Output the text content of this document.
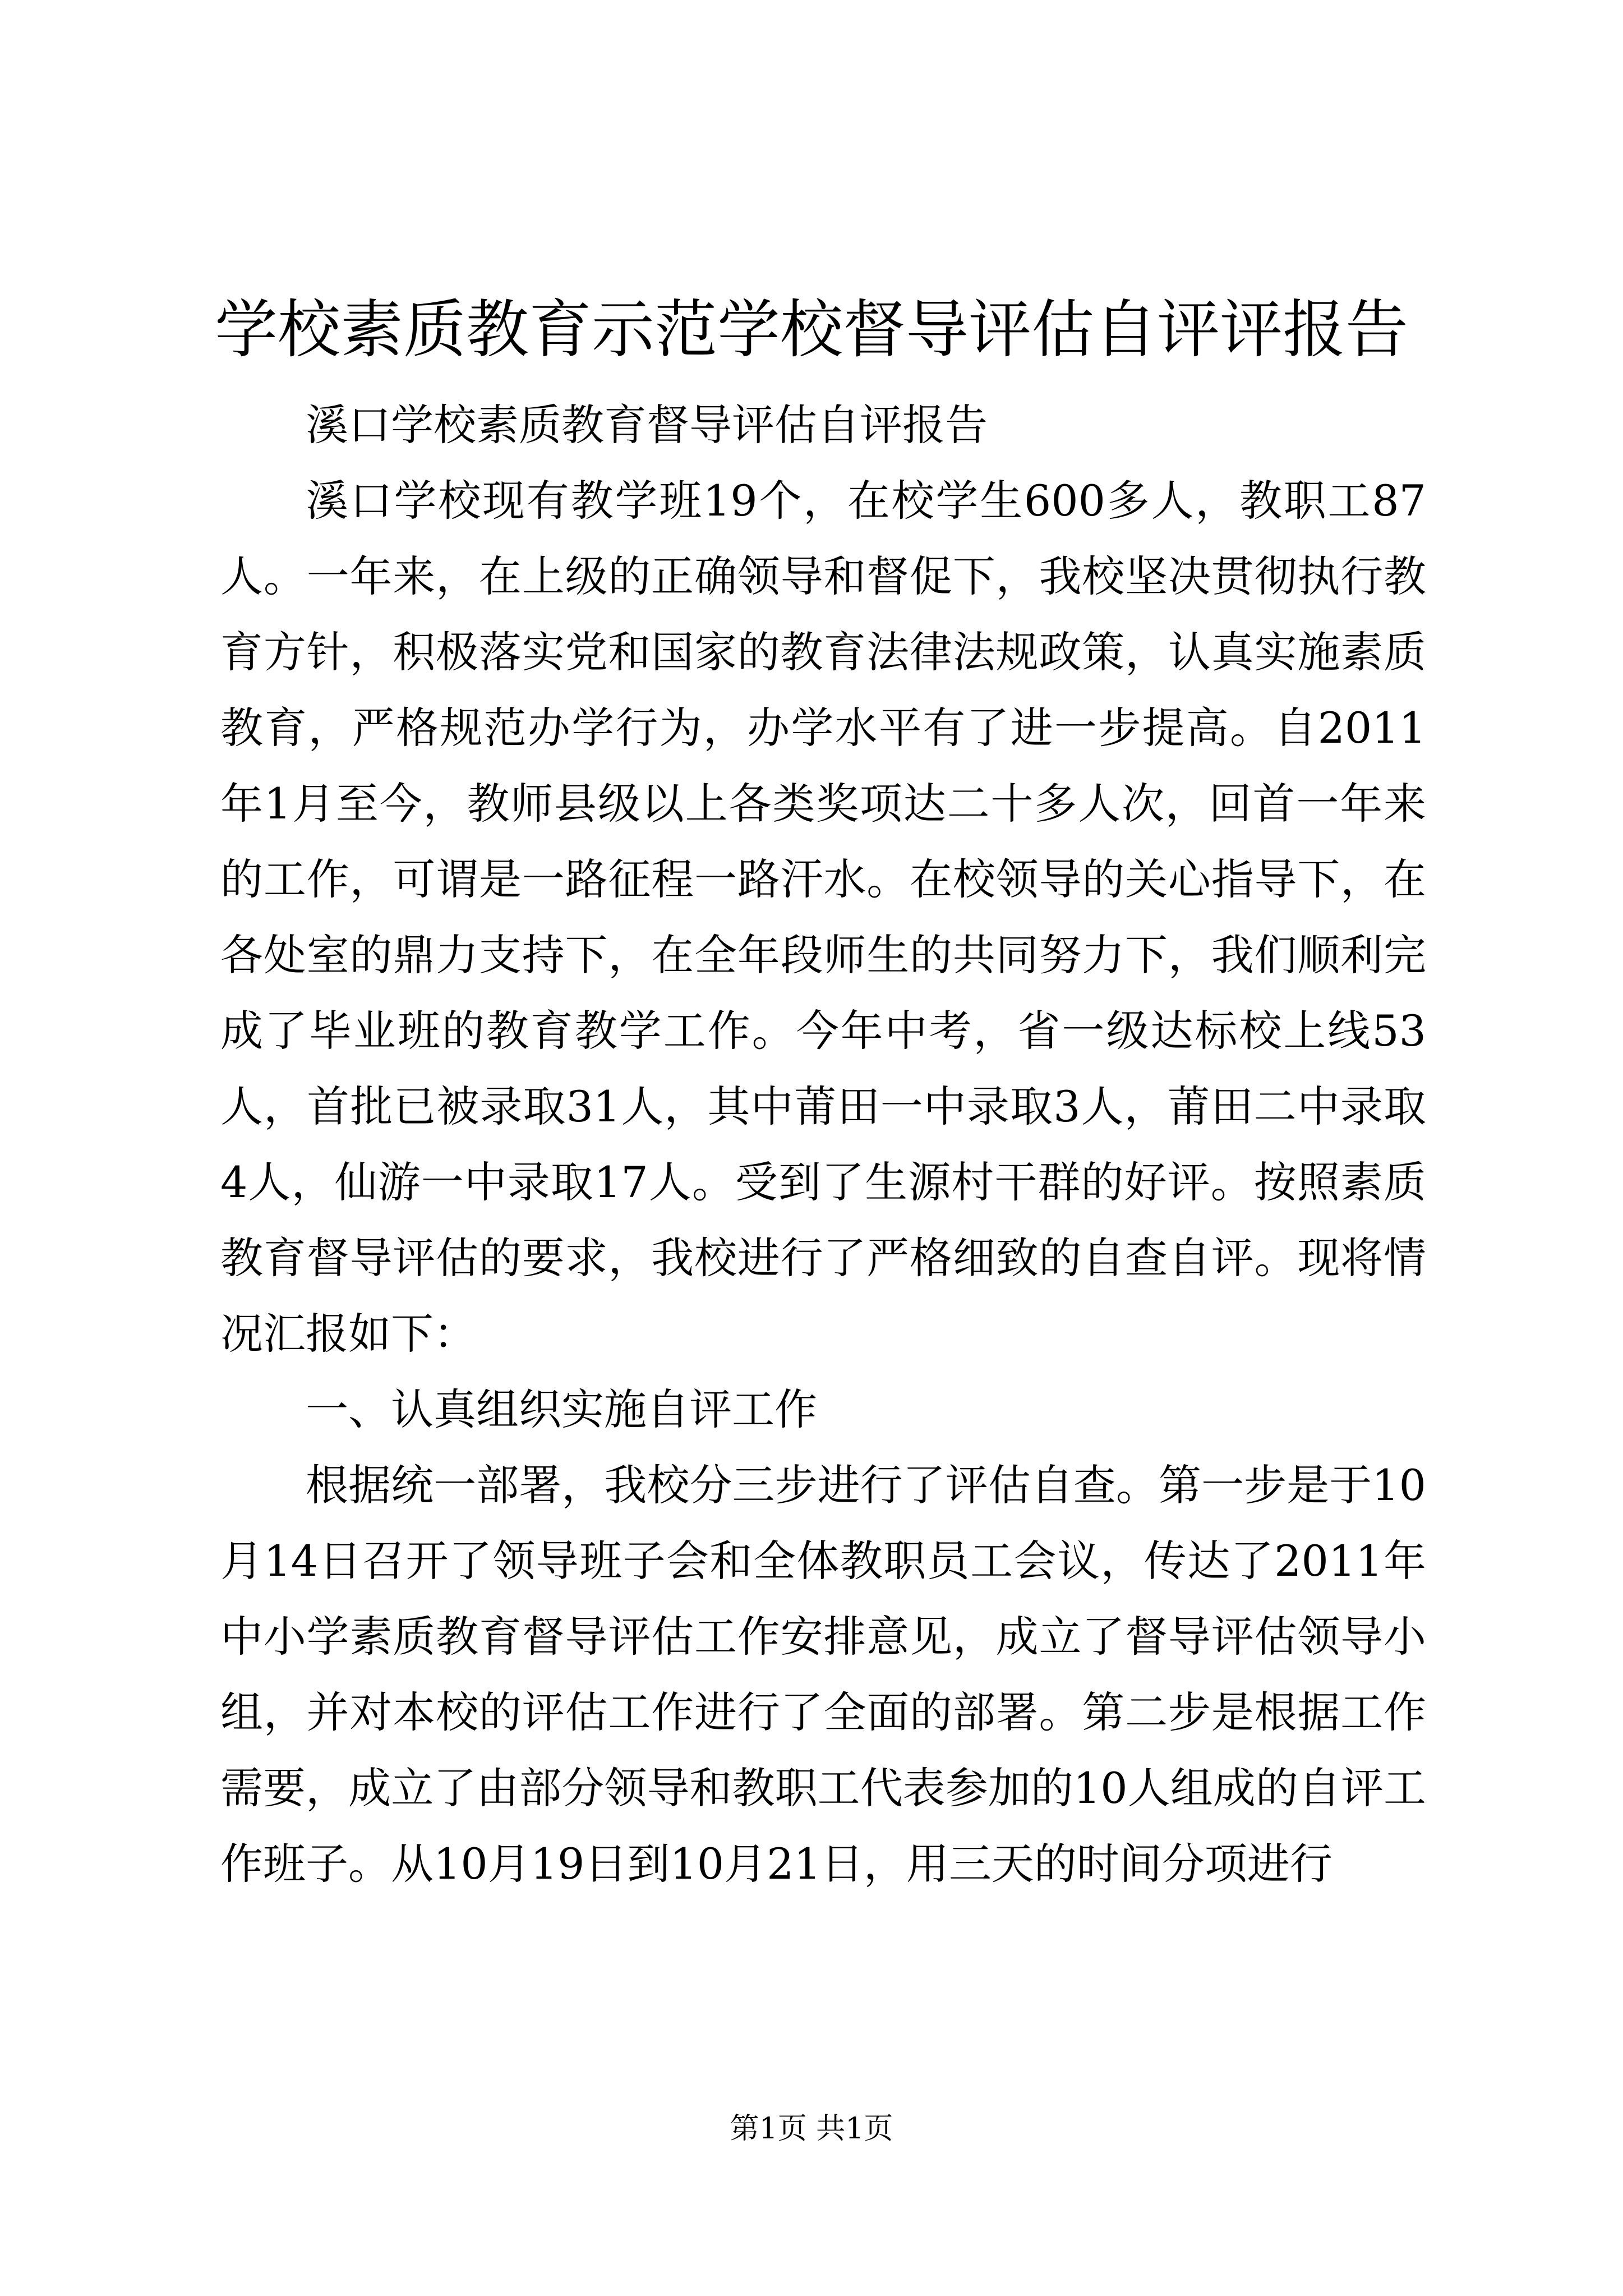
学校素质教育示范学校督导评估自评评报告

溪口学校素质教育督导评估自评报告

溪口学校现有教学班19个，在校学生600多人，教职工87人。一年来，在上级的正确领导和督促下，我校坚决贯彻执行教育方针，积极落实党和国家的教育法律法规政策，认真实施素质教育，严格规范办学行为，办学水平有了进一步提高。自2011年1月至今，教师县级以上各类奖项达二十多人次，回首一年来的工作，可谓是一路征程一路汗水。在校领导的关心指导下，在各处室的鼎力支持下，在全年段师生的共同努力下，我们顺利完成了毕业班的教育教学工作。今年中考，省一级达标校上线53人，首批已被录取31人，其中莆田一中录取3人，莆田二中录取4人，仙游一中录取17人。受到了生源村干群的好评。按照素质教育督导评估的要求，我校进行了严格细致的自查自评。现将情况汇报如下：

一、认真组织实施自评工作

根据统一部署，我校分三步进行了评估自查。第一步是于10月14日召开了领导班子会和全体教职员工会议，传达了2011年中小学素质教育督导评估工作安排意见，成立了督导评估领导小组，并对本校的评估工作进行了全面的部署。第二步是根据工作需要，成立了由部分领导和教职工代表参加的10人组成的自评工作班子。从10月19日到10月21日，用三天的时间分项进行

第1页 共1页
